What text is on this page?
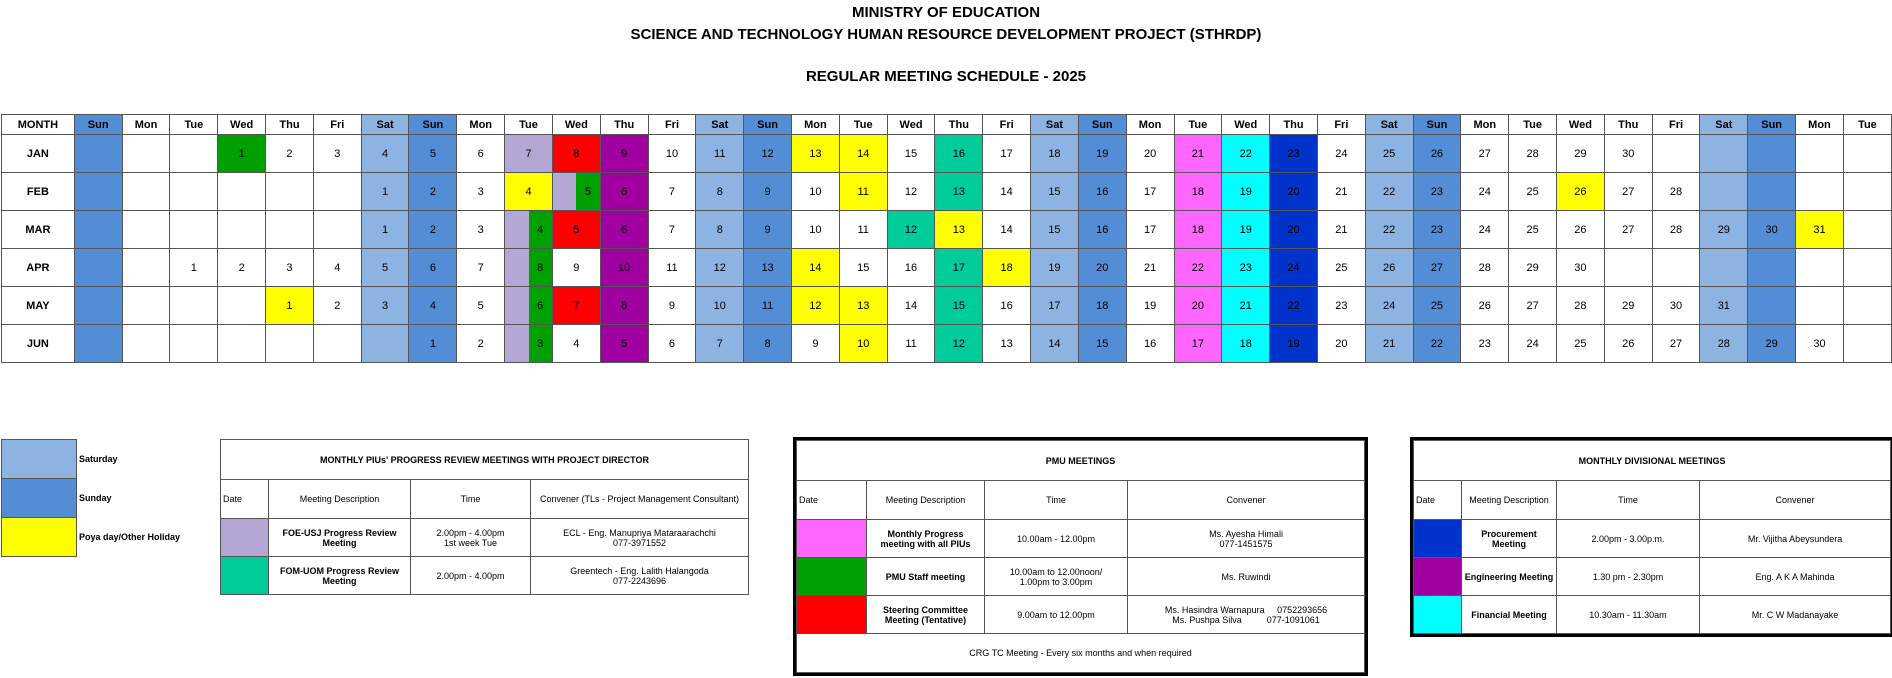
MINISTRY OF EDUCATION
SCIENCE AND TECHNOLOGY HUMAN RESOURCE DEVELOPMENT PROJECT (STHRDP)
REGULAR MEETING SCHEDULE - 2025
MONTH	Sun	Mon	Tue	Wed	Thu	Fri	Sat	Sun	Mon	Tue	Wed	Thu	Fri	Sat	Sun	Mon	Tue	Wed	Thu	Fri	Sat	Sun	Mon	Tue	Wed	Thu	Fri	Sat	Sun	Mon	Tue	Wed	Thu	Fri	Sat	Sun	Mon	Tue
JAN				1	2	3	4	5	6	7	8	9	10	11	12	13	14	15	16	17	18	19	20	21	22	23	24	25	26	27	28	29	30					
FEB							1	2	3	4	5	6	7	8	9	10	11	12	13	14	15	16	17	18	19	20	21	22	23	24	25	26	27	28				
MAR							1	2	3	4	5	6	7	8	9	10	11	12	13	14	15	16	17	18	19	20	21	22	23	24	25	26	27	28	29	30	31	
APR			1	2	3	4	5	6	7	8	9	10	11	12	13	14	15	16	17	18	19	20	21	22	23	24	25	26	27	28	29	30						
MAY					1	2	3	4	5	6	7	8	9	10	11	12	13	14	15	16	17	18	19	20	21	22	23	24	25	26	27	28	29	30	31			
JUN								1	2	3	4	5	6	7	8	9	10	11	12	13	14	15	16	17	18	19	20	21	22	23	24	25	26	27	28	29	30	
	Saturday
	Sunday
	Poya day/Other Holiday
MONTHLY PIUs' PROGRESS REVIEW MEETINGS WITH PROJECT DIRECTOR			
Date	Meeting Description	Time	Convener (TLs - Project Management Consultant)
	FOE-USJ Progress Review Meeting	2.00pm - 4.00pm
1st week Tue	ECL - Eng. Manupriya Mataraarachchi
077-3971552
	FOM-UOM Progress Review Meeting	2.00pm - 4.00pm	Greentech - Eng. Lalith Halangoda
077-2243696
PMU MEETINGS			
Date	Meeting Description	Time	Convener
	Monthly Progress meeting with all PIUs	10.00am - 12.00pm	Ms. Ayesha Himali
077-1451575
	PMU Staff meeting	10.00am to 12.00noon/
1.00pm to 3.00pm	Ms. Ruwindi
	Steering Committee Meeting (Tentative)	9.00am to 12.00pm	Ms. Hasindra Warnapura     0752293656
Ms. Pushpa Silva          077-1091061
CRG TC Meeting - Every six months and when required			
MONTHLY DIVISIONAL MEETINGS			
Date	Meeting Description	Time	Convener
	Procurement Meeting	2.00pm - 3.00p.m.	Mr. Vijitha Abeysundera
	Engineering Meeting	1.30 pm - 2.30pm	Eng. A K A Mahinda
	Financial Meeting	10.30am - 11.30am	Mr. C W Madanayake
